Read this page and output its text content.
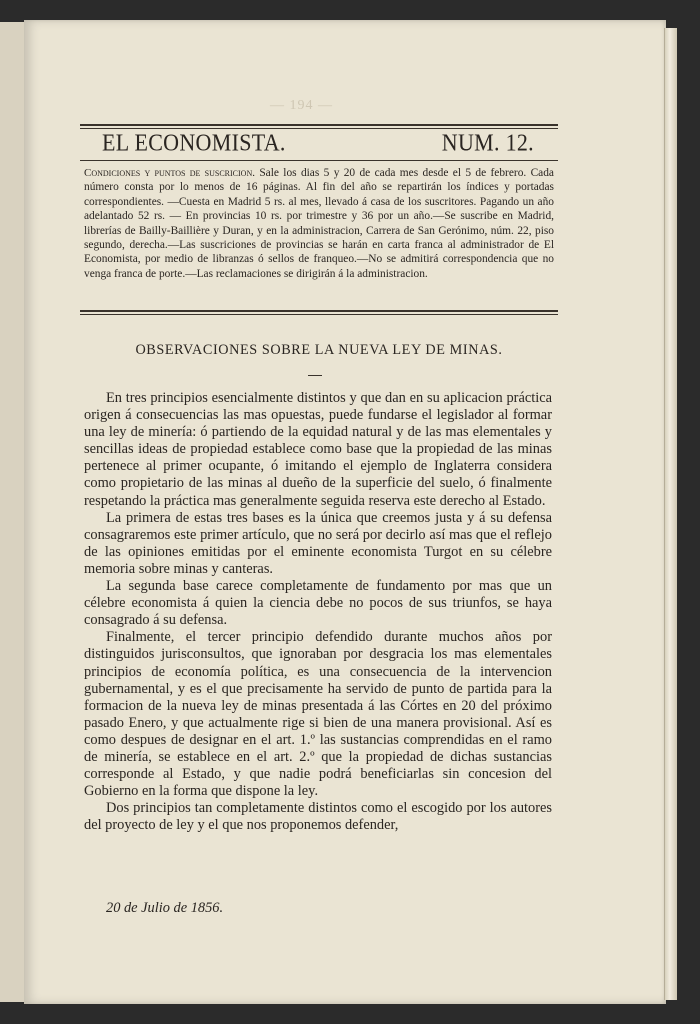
— 194 —
EL ECONOMISTA.	NUM. 12.
Condiciones y puntos de suscricion. Sale los dias 5 y 20 de cada mes desde el 5 de febrero. Cada número consta por lo menos de 16 páginas. Al fin del año se repartirán los índices y portadas correspondientes. —Cuesta en Madrid 5 rs. al mes, llevado á casa de los suscritores. Pagando un año adelantado 52 rs. — En provincias 10 rs. por trimestre y 36 por un año.—Se suscribe en Madrid, librerías de Bailly-Baillière y Duran, y en la administracion, Carrera de San Gerónimo, núm. 22, piso segundo, derecha.—Las suscriciones de provincias se harán en carta franca al administrador de El Economista, por medio de libranzas ó sellos de franqueo.—No se admitirá correspondencia que no venga franca de porte.—Las reclamaciones se dirigirán á la administracion.
OBSERVACIONES SOBRE LA NUEVA LEY DE MINAS.

En tres principios esencialmente distintos y que dan en su aplicacion práctica origen á consecuencias las mas opuestas, puede fundarse el legislador al formar una ley de minería: ó partiendo de la equidad natural y de las mas elementales y sencillas ideas de propiedad establece como base que la propiedad de las minas pertenece al primer ocupante, ó imitando el ejemplo de Inglaterra considera como propietario de las minas al dueño de la superficie del suelo, ó finalmente respetando la práctica mas generalmente seguida reserva este derecho al Estado.

La primera de estas tres bases es la única que creemos justa y á su defensa consagraremos este primer artículo, que no será por decirlo así mas que el reflejo de las opiniones emitidas por el eminente economista Turgot en su célebre memoria sobre minas y canteras.

La segunda base carece completamente de fundamento por mas que un célebre economista á quien la ciencia debe no pocos de sus triunfos, se haya consagrado á su defensa.

Finalmente, el tercer principio defendido durante muchos años por distinguidos jurisconsultos, que ignoraban por desgracia los mas elementales principios de economía política, es una consecuencia de la intervencion gubernamental, y es el que precisamente ha servido de punto de partida para la formacion de la nueva ley de minas presentada á las Córtes en 20 del próximo pasado Enero, y que actualmente rige si bien de una manera provisional. Así es como despues de designar en el art. 1.º las sustancias comprendidas en el ramo de minería, se establece en el art. 2.º que la propiedad de dichas sustancias corresponde al Estado, y que nadie podrá beneficiarlas sin concesion del Gobierno en la forma que dispone la ley.

Dos principios tan completamente distintos como el escogido por los autores del proyecto de ley y el que nos proponemos defender,

20 de Julio de 1856.
